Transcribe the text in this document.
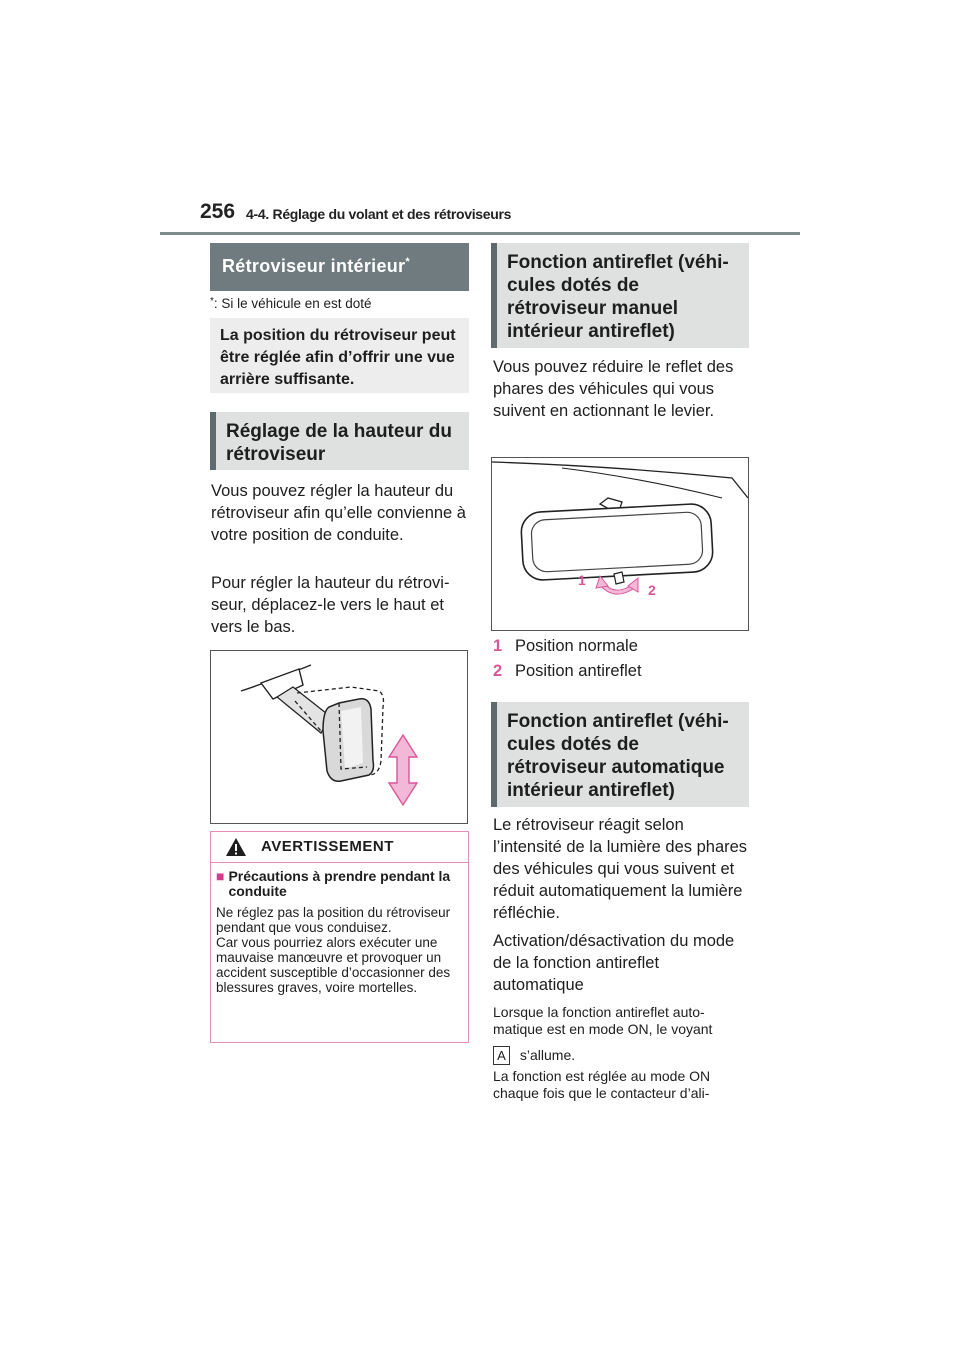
256 4-4. Réglage du volant et des rétroviseurs
Rétroviseur intérieur*
*: Si le véhicule en est doté
La position du rétroviseur peut être réglée afin d’offrir une vue arrière suffisante.
Réglage de la hauteur du rétroviseur
Vous pouvez régler la hauteur du rétroviseur afin qu’elle convienne à votre position de conduite.
Pour régler la hauteur du rétroviseur, déplacez-le vers le haut et vers le bas.
AVERTISSEMENT
■ Précautions à prendre pendant la conduite
Ne réglez pas la position du rétroviseur pendant que vous conduisez.
Car vous pourriez alors exécuter une mauvaise manœuvre et provoquer un accident susceptible d’occasionner des blessures graves, voire mortelles.
Fonction antireflet (véhicules dotés de rétroviseur manuel intérieur antireflet)
Vous pouvez réduire le reflet des phares des véhicules qui vous suivent en actionnant le levier.
1
2
1 Position normale
2 Position antireflet
Fonction antireflet (véhicules dotés de rétroviseur automatique intérieur antireflet)
Le rétroviseur réagit selon l’intensité de la lumière des phares des véhicules qui vous suivent et réduit automatiquement la lumière réfléchie.
Activation/désactivation du mode de la fonction antireflet automatique
Lorsque la fonction antireflet automatique est en mode ON, le voyant
A s’allume.
La fonction est réglée au mode ON chaque fois que le contacteur d’ali-
